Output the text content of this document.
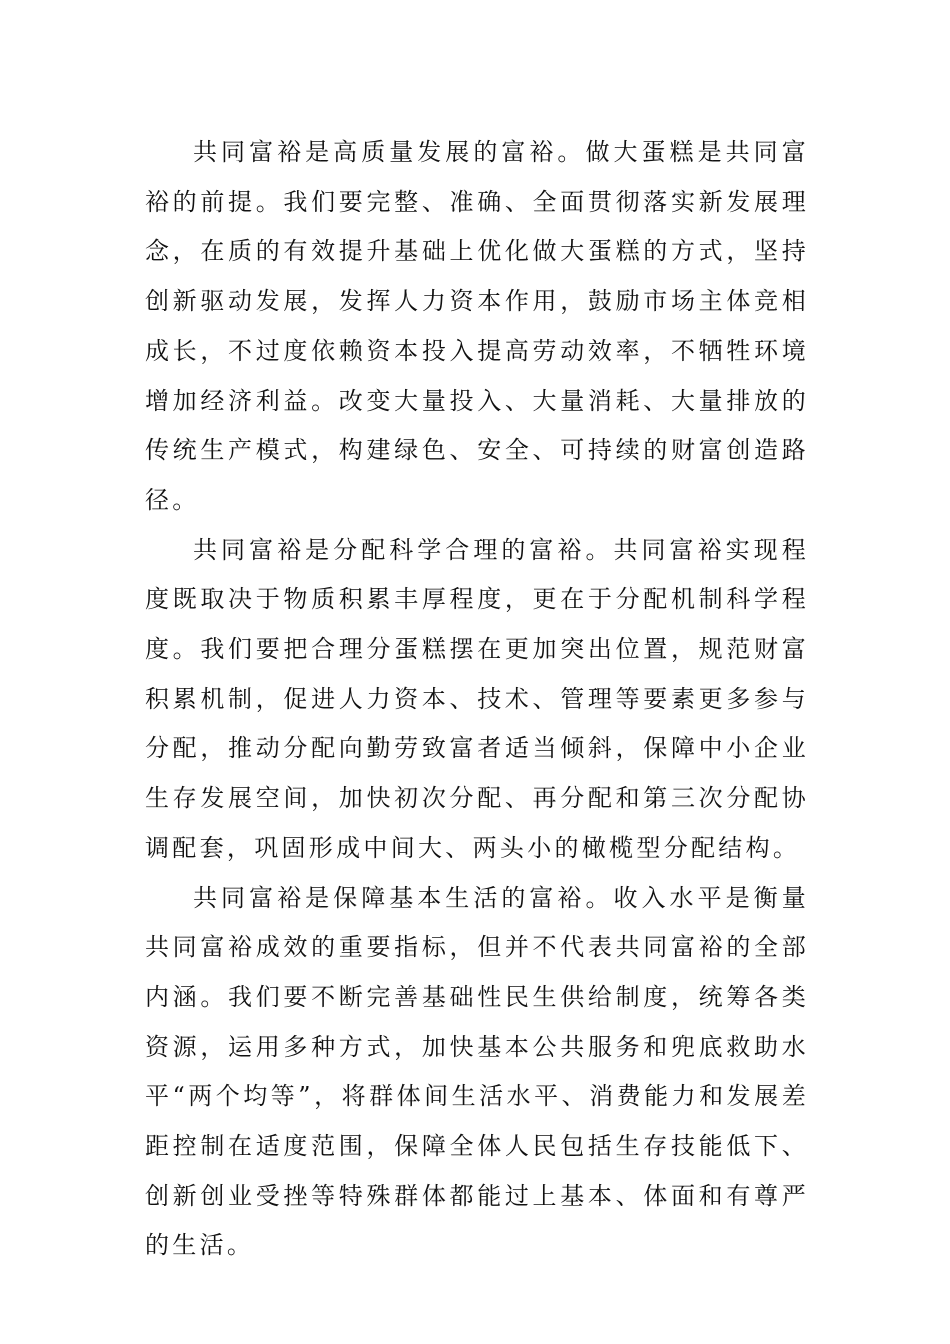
共同富裕是高质量发展的富裕。做大蛋糕是共同富裕的前提。我们要完整、准确、全面贯彻落实新发展理念，在质的有效提升基础上优化做大蛋糕的方式，坚持创新驱动发展，发挥人力资本作用，鼓励市场主体竞相成长，不过度依赖资本投入提高劳动效率，不牺牲环境增加经济利益。改变大量投入、大量消耗、大量排放的传统生产模式，构建绿色、安全、可持续的财富创造路径。

共同富裕是分配科学合理的富裕。共同富裕实现程度既取决于物质积累丰厚程度，更在于分配机制科学程度。我们要把合理分蛋糕摆在更加突出位置，规范财富积累机制，促进人力资本、技术、管理等要素更多参与分配，推动分配向勤劳致富者适当倾斜，保障中小企业生存发展空间，加快初次分配、再分配和第三次分配协调配套，巩固形成中间大、两头小的橄榄型分配结构。

共同富裕是保障基本生活的富裕。收入水平是衡量共同富裕成效的重要指标，但并不代表共同富裕的全部内涵。我们要不断完善基础性民生供给制度，统筹各类资源，运用多种方式，加快基本公共服务和兜底救助水平“两个均等”，将群体间生活水平、消费能力和发展差距控制在适度范围，保障全体人民包括生存技能低下、创新创业受挫等特殊群体都能过上基本、体面和有尊严的生活。
